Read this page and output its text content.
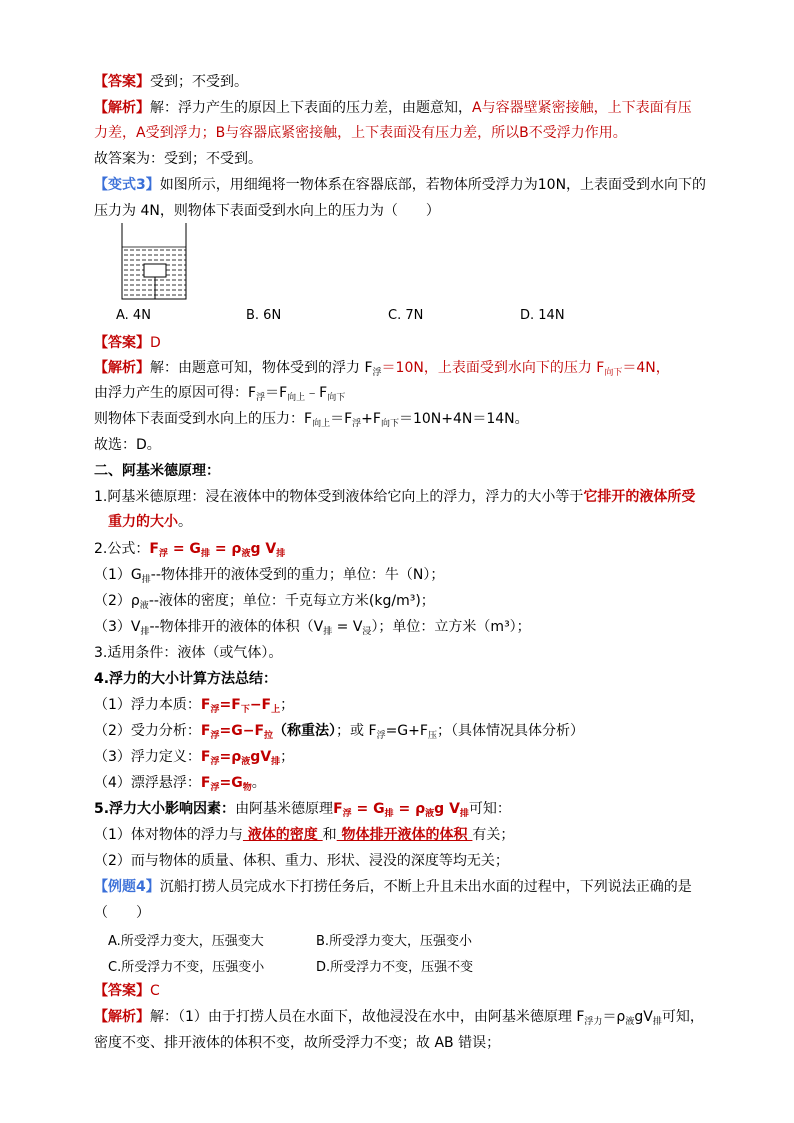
【答案】受到；不受到。
【解析】解：浮力产生的原因上下表面的压力差，由题意知，A与容器壁紧密接触，上下表面有压
力差，A受到浮力；B与容器底紧密接触，上下表面没有压力差，所以B不受浮力作用。
故答案为：受到；不受到。
【变式3】如图所示，用细绳将一物体系在容器底部，若物体所受浮力为10N，上表面受到水向下的
压力为 4N，则物体下表面受到水向上的压力为（　　）
A. 4N	B. 6N	C. 7N	D. 14N
【答案】D
【解析】解：由题意可知，物体受到的浮力 $F_浮=10N$，上表面受到水向下的压力 $F_{向下}=4N$，
由浮力产生的原因可得：$F_浮=F_{向上}﹣F_{向下}$
则物体下表面受到水向上的压力：$F_{向上}=F_浮+F_{向下}=10N+4N=14N$。
故选：D。
二、阿基米德原理：
1.阿基米德原理：浸在液体中的物体受到液体给它向上的浮力，浮力的大小等于它排开的液体所受
重力的大小。
2.公式：$F_浮 = G_排 = \rho_液g$ $V_排$
$(1)G_排--$物体排开的液体受到的重力；单位：牛（N）；
$(2)\rho_液--$液体的密度；单位：千克每立方米(kg/m³)；
$(3)V_排--$物体排开的液体的体积$(V_排 = V_浸)$；单位：立方米（m³）；
3.适用条件：液体（或气体）。
4.浮力的大小计算方法总结：
（1）浮力本质：$F_浮=F_下-F_上$；
（2）受力分析：$F_浮=G-F_拉$（称重法）；或 $F_浮=G+F_压$；（具体情况具体分析）
（3）浮力定义：$F_浮=\rho_液gV_排$；
（4）漂浮悬浮：$F_浮=G_物$。
5.浮力大小影响因素：由阿基米德原理$F_浮 = G_排 = \rho_液g$ $V_排$可知：
（1）体对物体的浮力与 液体的密度 和 物体排开液体的体积 有关；
（2）而与物体的质量、体积、重力、形状、浸没的深度等均无关；
【例题4】沉船打捞人员完成水下打捞任务后，不断上升且未出水面的过程中，下列说法正确的是
（　　）
A.所受浮力变大，压强变大	B.所受浮力变大，压强变小
C.所受浮力不变，压强变小	D.所受浮力不变，压强不变
【答案】C
【解析】解：（1）由于打捞人员在水面下，故他浸没在水中，由阿基米德原理 $F_{浮力}=\rho_液gV_排$可知，
密度不变、排开液体的体积不变，故所受浮力不变；故 AB 错误；
